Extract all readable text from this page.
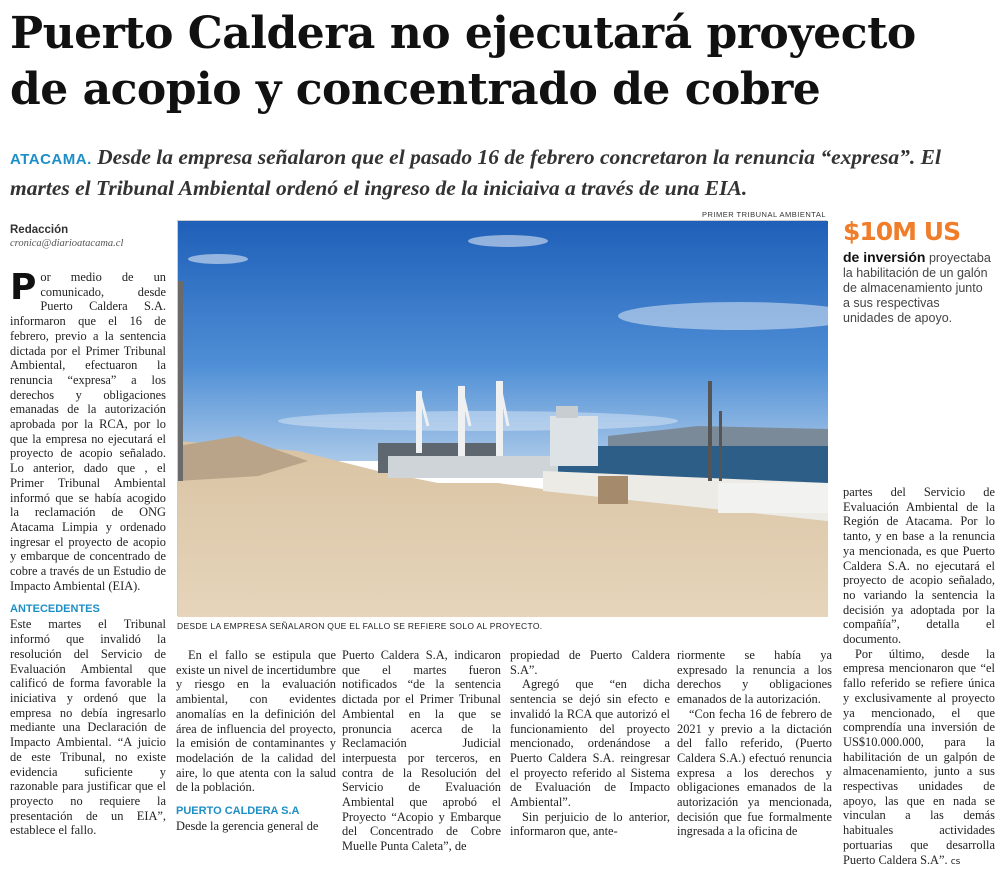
Puerto Caldera no ejecutará proyecto
de acopio y concentrado de cobre
ATACAMA. Desde la empresa señalaron que el pasado 16 de febrero concretaron la renuncia “expresa”. El martes el Tribunal Ambiental ordenó el ingreso de la iniciaiva a través de una EIA.
Redacción
cronica@diarioatacama.cl

Por medio de un comunicado, desde Puerto Caldera S.A. informaron que el 16 de febrero, previo a la sentencia dictada por el Primer Tribunal Ambiental, efectuaron la renuncia “expresa” a los derechos y obligaciones emanadas de la autorización aprobada por la RCA, por lo que la empresa no ejecutará el proyecto de acopio señalado. Lo anterior, dado que , el Primer Tribunal Ambiental informó que se había acogido la reclamación de ONG Atacama Limpia y ordenado ingresar el proyecto de acopio y embarque de concentrado de cobre a través de un Estudio de Impacto Ambiental (EIA).

ANTECEDENTES

Este martes el Tribunal informó que invalidó la resolución del Servicio de Evaluación Ambiental que calificó de forma favorable la iniciativa y ordenó que la empresa no debía ingresarlo mediante una Declaración de Impacto Ambiental. “A juicio de este Tribunal, no existe evidencia suficiente y razonable para justificar que el proyecto no requiere la presentación de un EIA”, establece el fallo.

PRIMER TRIBUNAL AMBIENTAL
DESDE LA EMPRESA SEÑALARON QUE EL FALLO SE REFIERE SOLO AL PROYECTO.
$10M US
de inversión proyectaba la habilitación de un galón de almacenamiento junto a sus respectivas unidades de apoyo.

En el fallo se estipula que existe un nivel de incertidumbre y riesgo en la evaluación ambiental, con evidentes anomalías en la definición del área de influencia del proyecto, la emisión de contaminantes y modelación de la calidad del aire, lo que atenta con la salud de la población.

PUERTO CALDERA S.A

Desde la gerencia general de

Puerto Caldera S.A, indicaron que el martes fueron notificados “de la sentencia dictada por el Primer Tribunal Ambiental en la que se pronuncia acerca de la Reclamación Judicial interpuesta por terceros, en contra de la Resolución del Servicio de Evaluación Ambiental que aprobó el Proyecto “Acopio y Embarque del Concentrado de Cobre Muelle Punta Caleta”, de

propiedad de Puerto Caldera S.A”.

Agregó que “en dicha sentencia se dejó sin efecto e invalidó la RCA que autorizó el funcionamiento del proyecto mencionado, ordenándose a Puerto Caldera S.A. reingresar el proyecto referido al Sistema de Evaluación de Impacto Ambiental”.

Sin perjuicio de lo anterior, informaron que, ante-

riormente se había ya expresado la renuncia a los derechos y obligaciones emanados de la autorización.

“Con fecha 16 de febrero de 2021 y previo a la dictación del fallo referido, (Puerto Caldera S.A.) efectuó renuncia expresa a los derechos y obligaciones emanados de la autorización ya mencionada, decisión que fue formalmente ingresada a la oficina de

partes del Servicio de Evaluación Ambiental de la Región de Atacama. Por lo tanto, y en base a la renuncia ya mencionada, es que Puerto Caldera S.A. no ejecutará el proyecto de acopio señalado, no variando la sentencia la decisión ya adoptada por la compañía”, detalla el documento.

Por último, desde la empresa mencionaron que “el fallo referido se refiere única y exclusivamente al proyecto ya mencionado, el que comprendía una inversión de US$10.000.000, para la habilitación de un galpón de almacenamiento, junto a sus respectivas unidades de apoyo, las que en nada se vinculan a las demás habituales actividades portuarias que desarrolla Puerto Caldera S.A”. cs
